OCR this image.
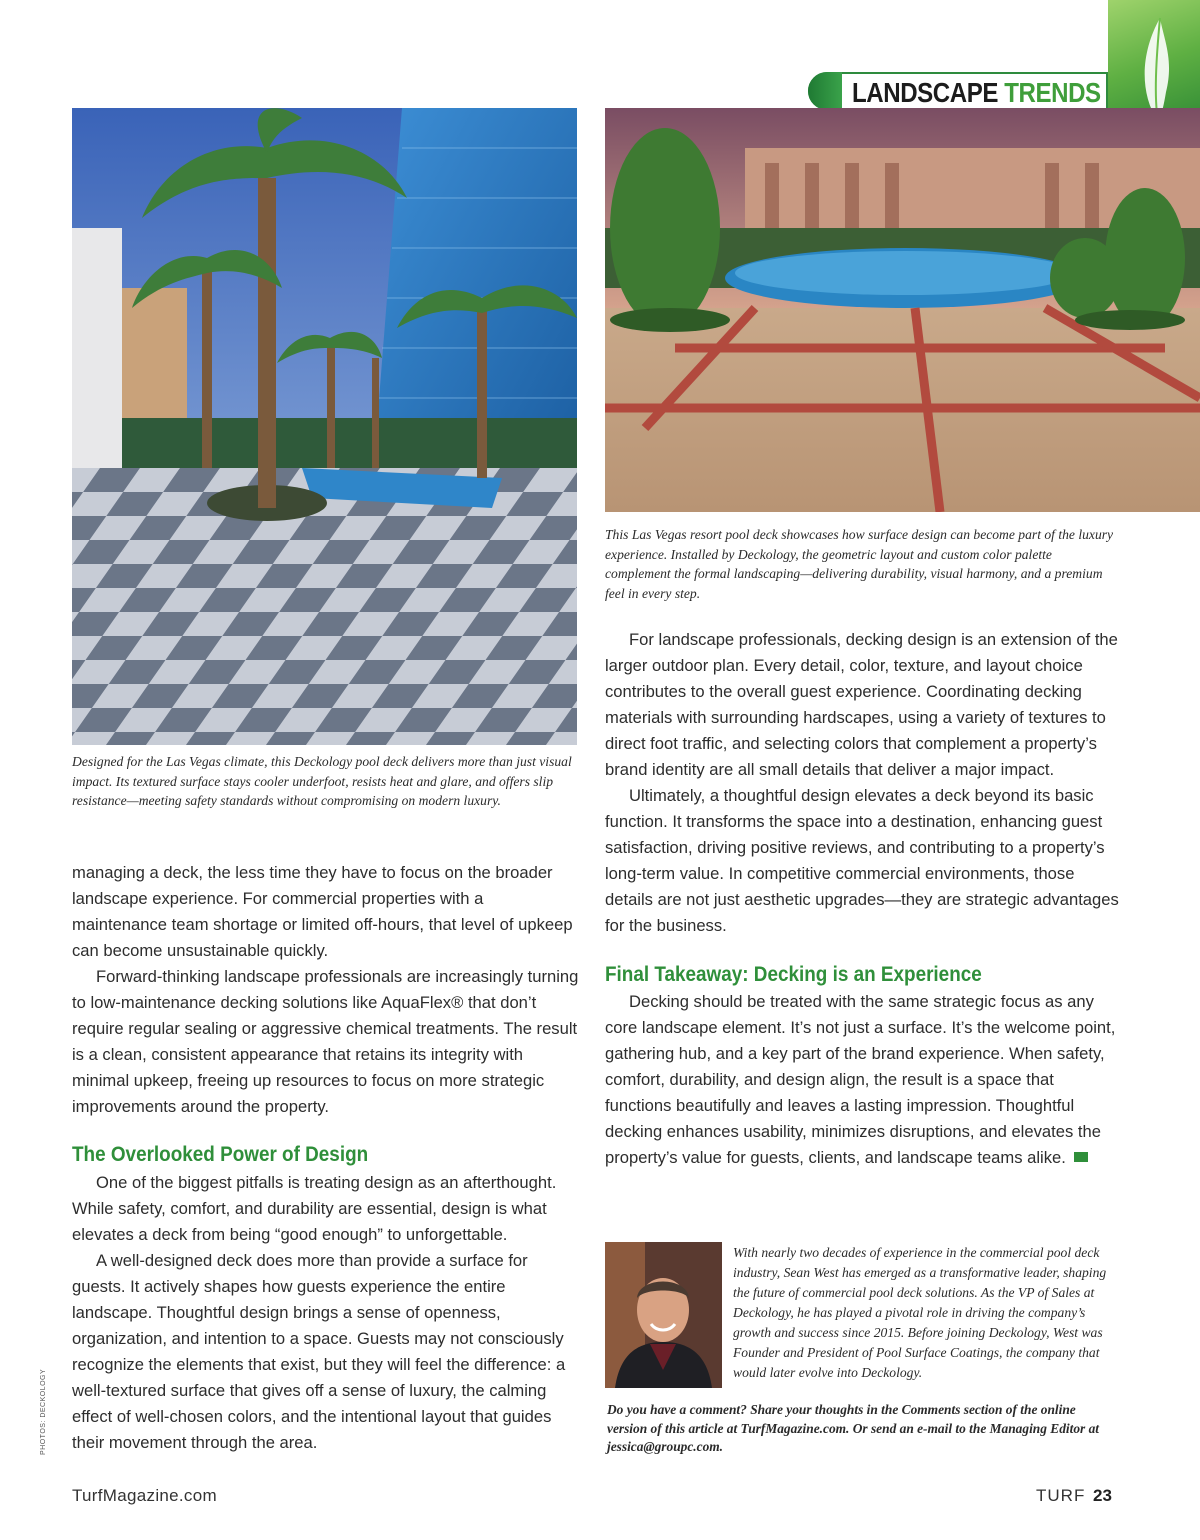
LANDSCAPE TRENDS

Designed for the Las Vegas climate, this Deckology pool deck delivers more than just visual impact. Its textured surface stays cooler underfoot, resists heat and glare, and offers slip resistance—meeting safety standards without compromising on modern luxury.

This Las Vegas resort pool deck showcases how surface design can become part of the luxury experience. Installed by Deckology, the geometric layout and custom color palette complement the formal landscaping—delivering durability, visual harmony, and a premium feel in every step.

PHOTOS: DECKOLOGY

managing a deck, the less time they have to focus on the broader landscape experience. For commercial properties with a maintenance team shortage or limited off-hours, that level of upkeep can become unsustainable quickly.

Forward-thinking landscape professionals are increasingly turning to low-maintenance decking solutions like AquaFlex® that don’t require regular sealing or aggressive chemical treatments. The result is a clean, consistent appearance that retains its integrity with minimal upkeep, freeing up resources to focus on more strategic improvements around the property.

The Overlooked Power of Design

One of the biggest pitfalls is treating design as an afterthought. While safety, comfort, and durability are essential, design is what elevates a deck from being “good enough” to unforgettable.

A well-designed deck does more than provide a surface for guests. It actively shapes how guests experience the entire landscape. Thoughtful design brings a sense of openness, organization, and intention to a space. Guests may not consciously recognize the elements that exist, but they will feel the difference: a well-textured surface that gives off a sense of luxury, the calming effect of well-chosen colors, and the intentional layout that guides their movement through the area.

For landscape professionals, decking design is an extension of the larger outdoor plan. Every detail, color, texture, and layout choice contributes to the overall guest experience. Coordinating decking materials with surrounding hardscapes, using a variety of textures to direct foot traffic, and selecting colors that complement a property’s brand identity are all small details that deliver a major impact.

Ultimately, a thoughtful design elevates a deck beyond its basic function. It transforms the space into a destination, enhancing guest satisfaction, driving positive reviews, and contributing to a property’s long-term value. In competitive commercial environments, those details are not just aesthetic upgrades—they are strategic advantages for the business.

Final Takeaway: Decking is an Experience

Decking should be treated with the same strategic focus as any core landscape element. It’s not just a surface. It’s the welcome point, gathering hub, and a key part of the brand experience. When safety, comfort, durability, and design align, the result is a space that functions beautifully and leaves a lasting impression. Thoughtful decking enhances usability, minimizes disruptions, and elevates the property’s value for guests, clients, and landscape teams alike.

With nearly two decades of experience in the commercial pool deck industry, Sean West has emerged as a transformative leader, shaping the future of commercial pool deck solutions. As the VP of Sales at Deckology, he has played a pivotal role in driving the company’s growth and success since 2015. Before joining Deckology, West was Founder and President of Pool Surface Coatings, the company that would later evolve into Deckology.

Do you have a comment? Share your thoughts in the Comments section of the online version of this article at TurfMagazine.com. Or send an e-mail to the Managing Editor at jessica@groupc.com.

TurfMagazine.com	TURF 23
